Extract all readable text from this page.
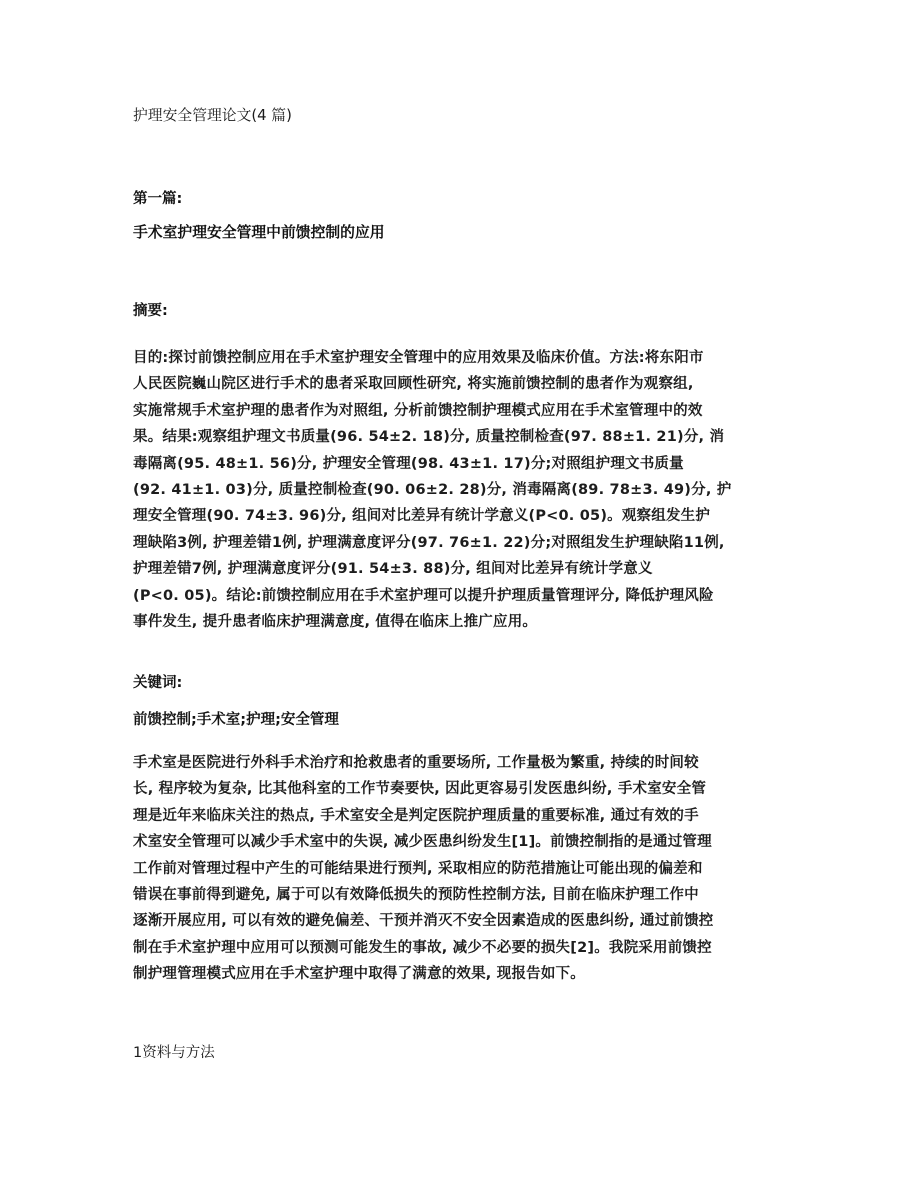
护理安全管理论文(4 篇)
第一篇:
手术室护理安全管理中前馈控制的应用
摘要:
目的:探讨前馈控制应用在手术室护理安全管理中的应用效果及临床价值。方法:将东阳市
人民医院巍山院区进行手术的患者采取回顾性研究, 将实施前馈控制的患者作为观察组,
实施常规手术室护理的患者作为对照组, 分析前馈控制护理模式应用在手术室管理中的效
果。结果:观察组护理文书质量(96. 54±2. 18)分, 质量控制检查(97. 88±1. 21)分, 消
毒隔离(95. 48±1. 56)分, 护理安全管理(98. 43±1. 17)分;对照组护理文书质量
(92. 41±1. 03)分, 质量控制检查(90. 06±2. 28)分, 消毒隔离(89. 78±3. 49)分, 护
理安全管理(90. 74±3. 96)分, 组间对比差异有统计学意义(P<0. 05)。观察组发生护
理缺陷3例, 护理差错1例, 护理满意度评分(97. 76±1. 22)分;对照组发生护理缺陷11例,
护理差错7例, 护理满意度评分(91. 54±3. 88)分, 组间对比差异有统计学意义
(P<0. 05)。结论:前馈控制应用在手术室护理可以提升护理质量管理评分, 降低护理风险
事件发生, 提升患者临床护理满意度, 值得在临床上推广应用。
关键词:
前馈控制;手术室;护理;安全管理
手术室是医院进行外科手术治疗和抢救患者的重要场所, 工作量极为繁重, 持续的时间较
长, 程序较为复杂, 比其他科室的工作节奏要快, 因此更容易引发医患纠纷, 手术室安全管
理是近年来临床关注的热点, 手术室安全是判定医院护理质量的重要标准, 通过有效的手
术室安全管理可以减少手术室中的失误, 减少医患纠纷发生[1]。前馈控制指的是通过管理
工作前对管理过程中产生的可能结果进行预判, 采取相应的防范措施让可能出现的偏差和
错误在事前得到避免, 属于可以有效降低损失的预防性控制方法, 目前在临床护理工作中
逐渐开展应用, 可以有效的避免偏差、干预并消灭不安全因素造成的医患纠纷, 通过前馈控
制在手术室护理中应用可以预测可能发生的事故, 减少不必要的损失[2]。我院采用前馈控
制护理管理模式应用在手术室护理中取得了满意的效果, 现报告如下。
1资料与方法
